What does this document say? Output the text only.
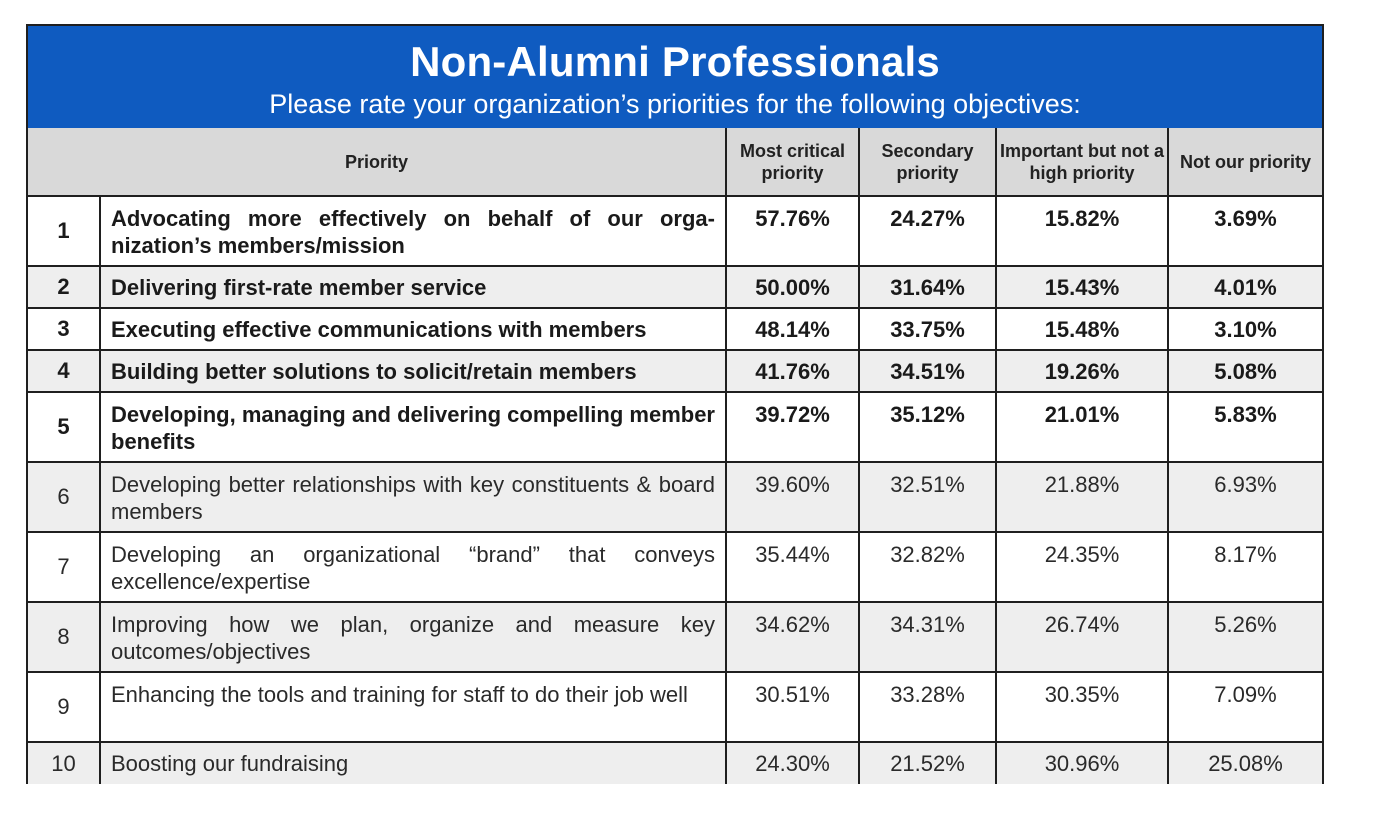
Non-Alumni Professionals
Please rate your organization’s priorities for the following objectives:
Priority		Most critical priority	Secondary priority	Important but not a high priority	Not our priority
1	Advocating more effectively on behalf of our orga-nization’s members/mission	57.76%	24.27%	15.82%	3.69%
2	Delivering first-rate member service	50.00%	31.64%	15.43%	4.01%
3	Executing effective communications with members	48.14%	33.75%	15.48%	3.10%
4	Building better solutions to solicit/retain members	41.76%	34.51%	19.26%	5.08%
5	Developing, managing and delivering compelling member benefits	39.72%	35.12%	21.01%	5.83%
6	Developing better relationships with key constituents & board members	39.60%	32.51%	21.88%	6.93%
7	Developing an organizational “brand” that conveys excellence/expertise	35.44%	32.82%	24.35%	8.17%
8	Improving how we plan, organize and measure key outcomes/objectives	34.62%	34.31%	26.74%	5.26%
9	Enhancing the tools and training for staff to do their job well	30.51%	33.28%	30.35%	7.09%
10	Boosting our fundraising	24.30%	21.52%	30.96%	25.08%
